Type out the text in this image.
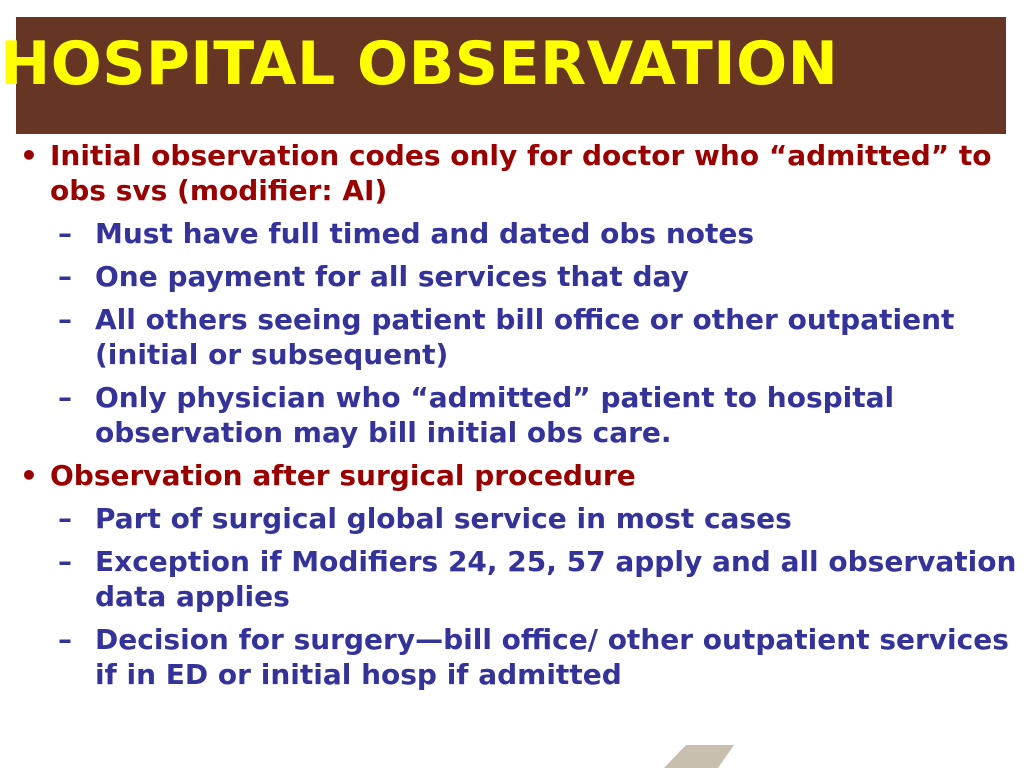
HOSPITAL OBSERVATION
• Initial observation codes only for doctor who “admitted” to obs svs (modifier: AI)
– Must have full timed and dated obs notes
– One payment for all services that day
– All others seeing patient bill office or other outpatient (initial or subsequent)
– Only physician who “admitted” patient to hospital observation may bill initial obs care.
• Observation after surgical procedure
– Part of surgical global service in most cases
– Exception if Modifiers 24, 25, 57 apply and all observation data applies
– Decision for surgery—bill office/ other outpatient services if in ED or initial hosp if admitted
